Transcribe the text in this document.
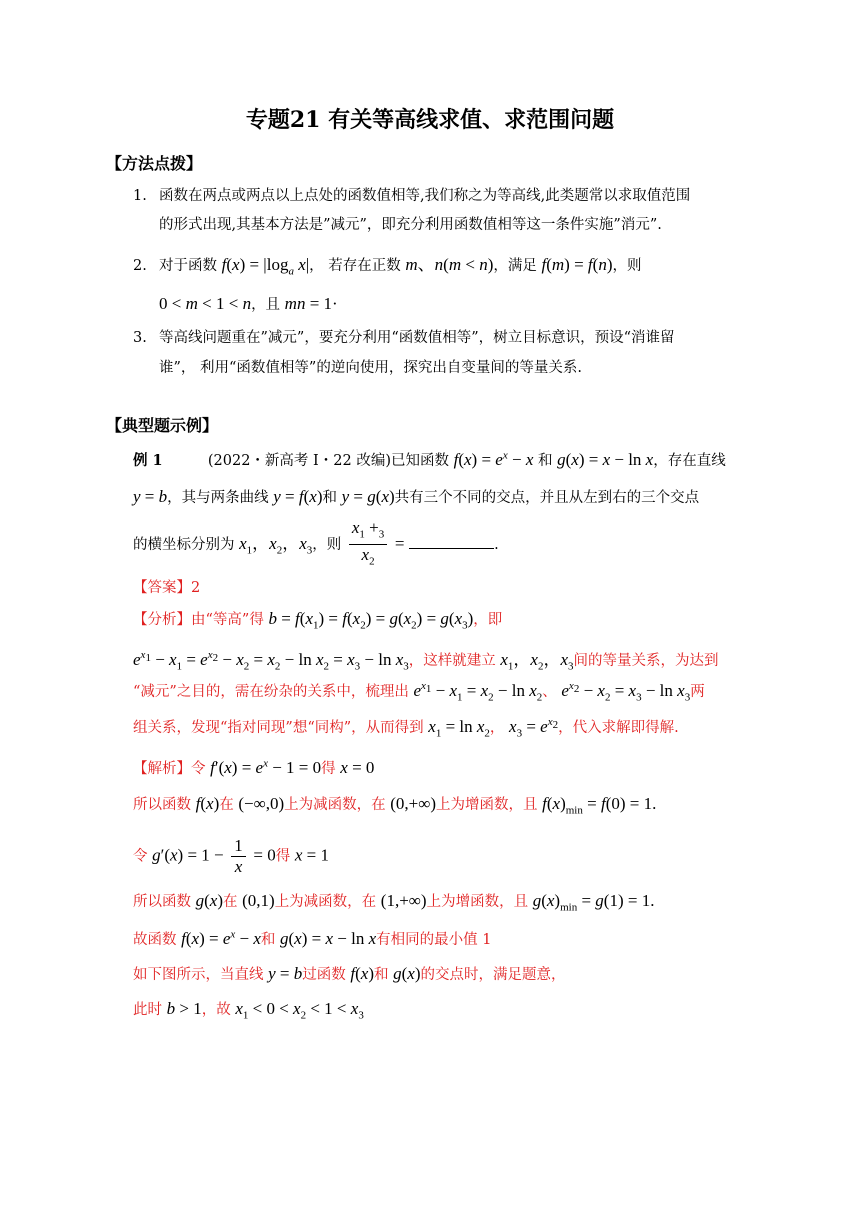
专题21 有关等高线求值、求范围问题
【方法点拨】
1. 函数在两点或两点以上点处的函数值相等,我们称之为等高线,此类题常以求取值范围
的形式出现,其基本方法是”减元”，即充分利用函数值相等这一条件实施”消元”.
2. 对于函数 $f(x) = |\log_a$ x|， 若存在正数 m、n(m < n)，满足 f(m) = f(n)，则
0 < m < 1 < n，且 mn = 1·
3. 等高线问题重在”减元”，要充分利用“函数值相等”，树立目标意识，预设“消谁留
谁”， 利用“函数值相等”的逆向使用，探究出自变量间的等量关系.
【典型题示例】
例 1	(2022・新高考 I・22 改编)已知函数 $f(x) = e^x - x$ 和 g(x) = x − ln x，存在直线
y = b，其与两条曲线 y = f(x)和 y = g(x)共有三个不同的交点，并且从左到右的三个交点
的横坐标分别为 $x_1$，$x_2$，$x_3$，则 $\frac{x_1 +_3}{x_2}$ =	.
【答案】2
【分析】由“等高”得 $b = f(x_1) = f(x_2) = g(x_2) = g(x_3)$，即
$e^{x_1} - x_1 = e^{x_2} - x_2 = x_2 - \ln x_2 = x_3 - \ln x_3$，这样就建立 $x_1$，$x_2$，$x_3$间的等量关系，为达到
“减元”之目的，需在纷杂的关系中，梳理出 $e^{x_1} - x_1 = x_2 - \ln x_2$、 $e^{x_2} - x_2 = x_3 - \ln x_3$两
组关系，发现“指对同现”想“同构”，从而得到 $x_1 = \ln x_2$， $x_3 = e^{x_2}$，代入求解即得解.
【解析】令 $f'(x) = e^x - 1 = 0$得 x = 0
所以函数 f(x)在 (−∞,0)上为减函数，在 (0,+∞)上为增函数，且 $f(x)_{min} = f(0) = 1$.
令 $g'(x) = 1 - \frac{1}{x} = 0$得 x = 1
所以函数 g(x)在 (0,1)上为减函数，在 (1,+∞)上为增函数，且 $g(x)_{min} = g(1) = 1$.
故函数 $f(x) = e^x - x$和 g(x) = x − ln x有相同的最小值 1
如下图所示，当直线 y = b过函数 f(x)和 g(x)的交点时，满足题意，
此时 b > 1，故 $x_1 < 0 < x_2 < 1 < x_3$
